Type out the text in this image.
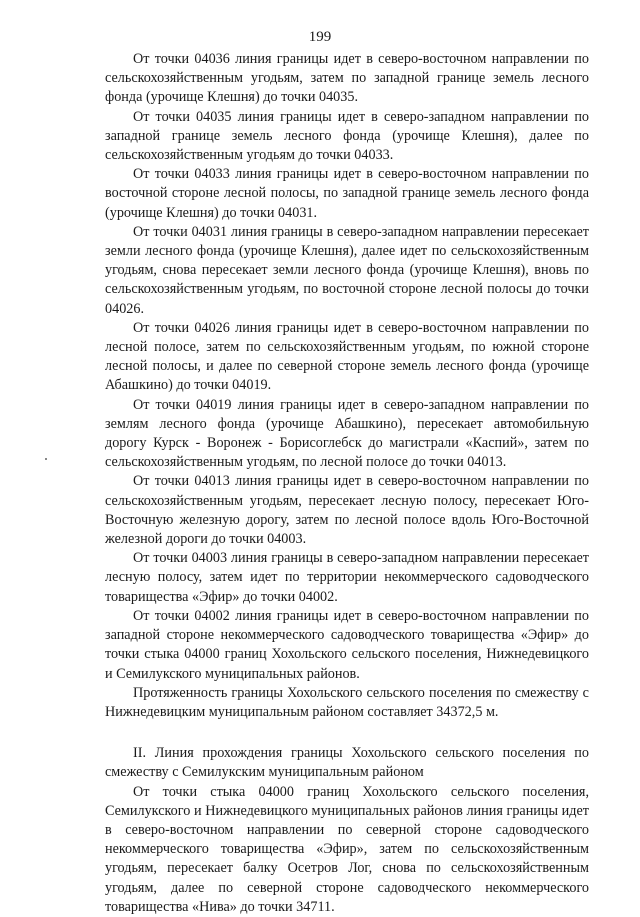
199

От точки 04036 линия границы идет в северо-восточном направлении по сельскохозяйственным угодьям, затем по западной границе земель лесного фонда (урочище Клешня) до точки 04035.

От точки 04035 линия границы идет в северо-западном направлении по западной границе земель лесного фонда (урочище Клешня), далее по сельскохозяйственным угодьям до точки 04033.

От точки 04033 линия границы идет в северо-восточном направлении по восточной стороне лесной полосы, по западной границе земель лесного фонда (урочище Клешня) до точки 04031.

От точки 04031 линия границы в северо-западном направлении пересекает земли лесного фонда (урочище Клешня), далее идет по сельскохозяйственным угодьям, снова пересекает земли лесного фонда (урочище Клешня), вновь по сельскохозяйственным угодьям, по восточной стороне лесной полосы до точки 04026.

От точки 04026 линия границы идет в северо-восточном направлении по лесной полосе, затем по сельскохозяйственным угодьям, по южной стороне лесной полосы, и далее по северной стороне земель лесного фонда (урочище Абашкино) до точки 04019.

От точки 04019 линия границы идет в северо-западном направлении по землям лесного фонда (урочище Абашкино), пересекает автомобильную дорогу Курск - Воронеж - Борисоглебск до магистрали «Каспий», затем по сельскохозяйственным угодьям, по лесной полосе до точки 04013.

От точки 04013 линия границы идет в северо-восточном направлении по сельскохозяйственным угодьям, пересекает лесную полосу, пересекает Юго-Восточную железную дорогу, затем по лесной полосе вдоль Юго-Восточной железной дороги до точки 04003.

От точки 04003 линия границы в северо-западном направлении пересекает лесную полосу, затем идет по территории некоммерческого садоводческого товарищества «Эфир» до точки 04002.

От точки 04002 линия границы идет в северо-восточном направлении по западной стороне некоммерческого садоводческого товарищества «Эфир» до точки стыка 04000 границ Хохольского сельского поселения, Нижнедевицкого и Семилукского муниципальных районов.

Протяженность границы Хохольского сельского поселения по смежеству с Нижнедевицким муниципальным районом составляет 34372,5 м.

II. Линия прохождения границы Хохольского сельского поселения по смежеству с Семилукским муниципальным районом

От точки стыка 04000 границ Хохольского сельского поселения, Семилукского и Нижнедевицкого муниципальных районов линия границы идет в северо-восточном направлении по северной стороне садоводческого некоммерческого товарищества «Эфир», затем по сельскохозяйственным угодьям, пересекает балку Осетров Лог, снова по сельскохозяйственным угодьям, далее по северной стороне садоводческого некоммерческого товарищества «Нива» до точки 34711.
